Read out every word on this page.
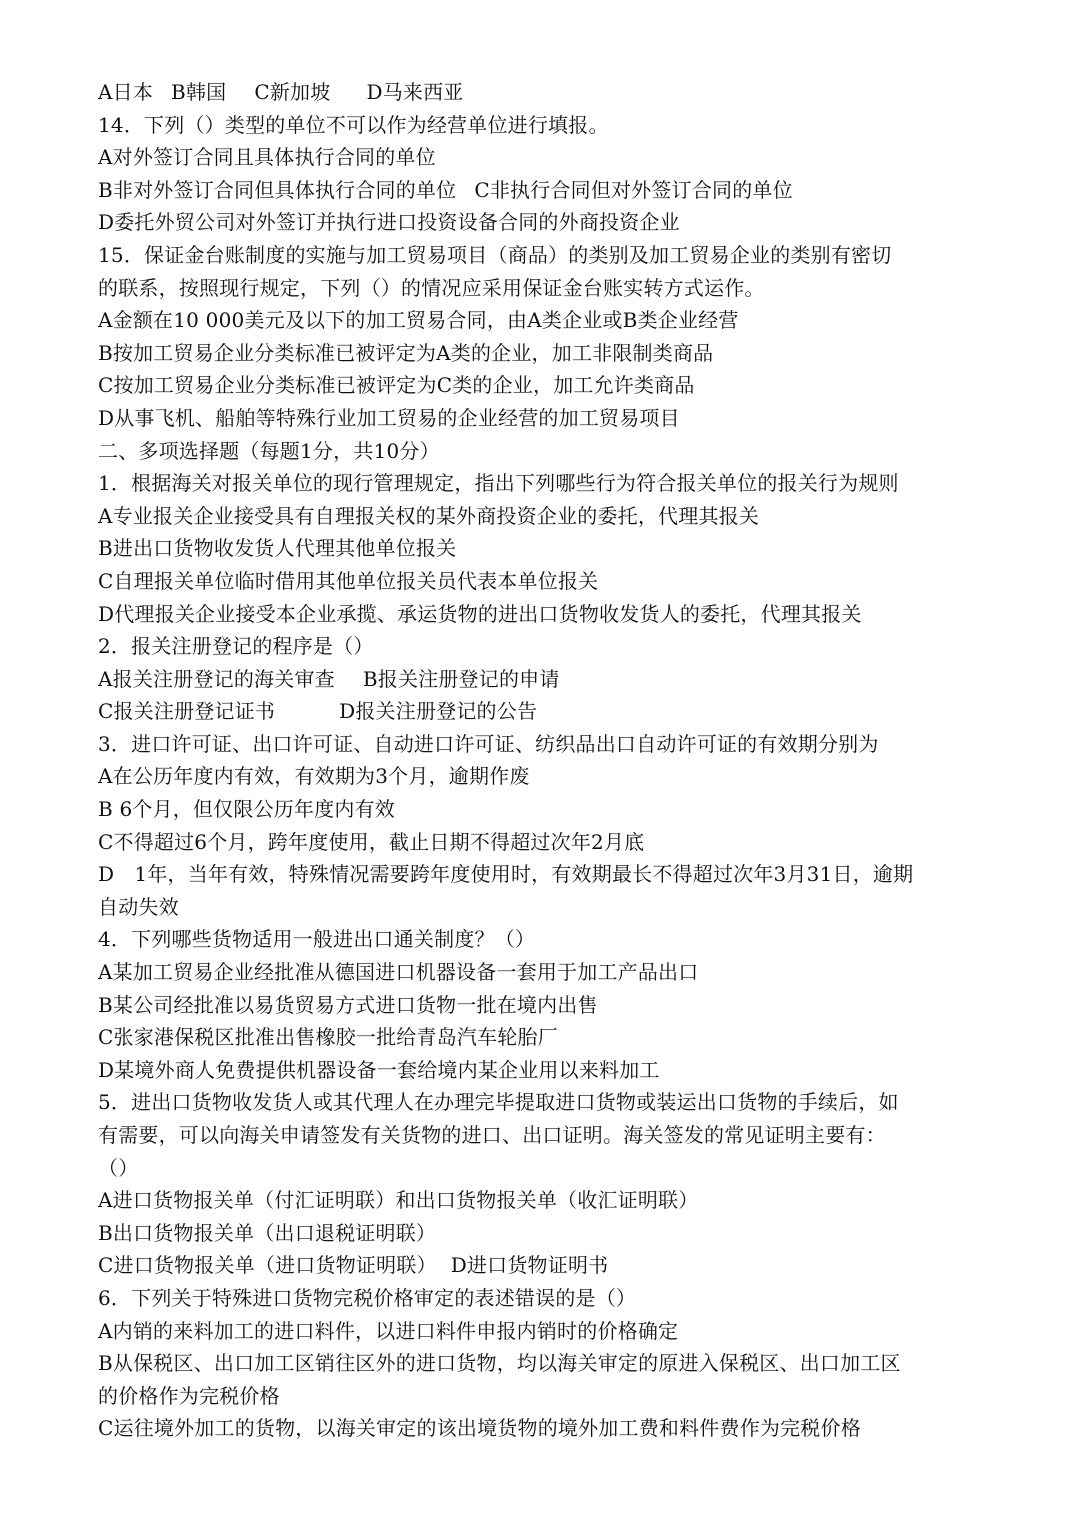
A日本 B韩国 C新加坡 D马来西亚
14．下列（）类型的单位不可以作为经营单位进行填报。
A对外签订合同且具体执行合同的单位
B非对外签订合同但具体执行合同的单位 C非执行合同但对外签订合同的单位
D委托外贸公司对外签订并执行进口投资设备合同的外商投资企业
15．保证金台账制度的实施与加工贸易项目（商品）的类别及加工贸易企业的类别有密切
的联系，按照现行规定，下列（）的情况应采用保证金台账实转方式运作。
A金额在10 000美元及以下的加工贸易合同，由A类企业或B类企业经营
B按加工贸易企业分类标准已被评定为A类的企业，加工非限制类商品
C按加工贸易企业分类标准已被评定为C类的企业，加工允许类商品
D从事飞机、船舶等特殊行业加工贸易的企业经营的加工贸易项目
二、多项选择题（每题1分，共10分）
1．根据海关对报关单位的现行管理规定，指出下列哪些行为符合报关单位的报关行为规则
A专业报关企业接受具有自理报关权的某外商投资企业的委托，代理其报关
B进出口货物收发货人代理其他单位报关
C自理报关单位临时借用其他单位报关员代表本单位报关
D代理报关企业接受本企业承揽、承运货物的进出口货物收发货人的委托，代理其报关
2．报关注册登记的程序是（）
A报关注册登记的海关审查 B报关注册登记的申请
C报关注册登记证书	D报关注册登记的公告
3．进口许可证、出口许可证、自动进口许可证、纺织品出口自动许可证的有效期分别为
A在公历年度内有效，有效期为3个月，逾期作废
B 6个月，但仅限公历年度内有效
C不得超过6个月，跨年度使用，截止日期不得超过次年2月底
D　1年，当年有效，特殊情况需要跨年度使用时，有效期最长不得超过次年3月31日，逾期
自动失效
4．下列哪些货物适用一般进出口通关制度？（）
A某加工贸易企业经批准从德国进口机器设备一套用于加工产品出口
B某公司经批准以易货贸易方式进口货物一批在境内出售
C张家港保税区批准出售橡胶一批给青岛汽车轮胎厂
D某境外商人免费提供机器设备一套给境内某企业用以来料加工
5．进出口货物收发货人或其代理人在办理完毕提取进口货物或装运出口货物的手续后，如
有需要，可以向海关申请签发有关货物的进口、出口证明。海关签发的常见证明主要有：
（）
A进口货物报关单（付汇证明联）和出口货物报关单（收汇证明联）
B出口货物报关单（出口退税证明联）
C进口货物报关单（进口货物证明联） D进口货物证明书
6．下列关于特殊进口货物完税价格审定的表述错误的是（）
A内销的来料加工的进口料件，以进口料件申报内销时的价格确定
B从保税区、出口加工区销往区外的进口货物，均以海关审定的原进入保税区、出口加工区
的价格作为完税价格
C运往境外加工的货物，以海关审定的该出境货物的境外加工费和料件费作为完税价格
